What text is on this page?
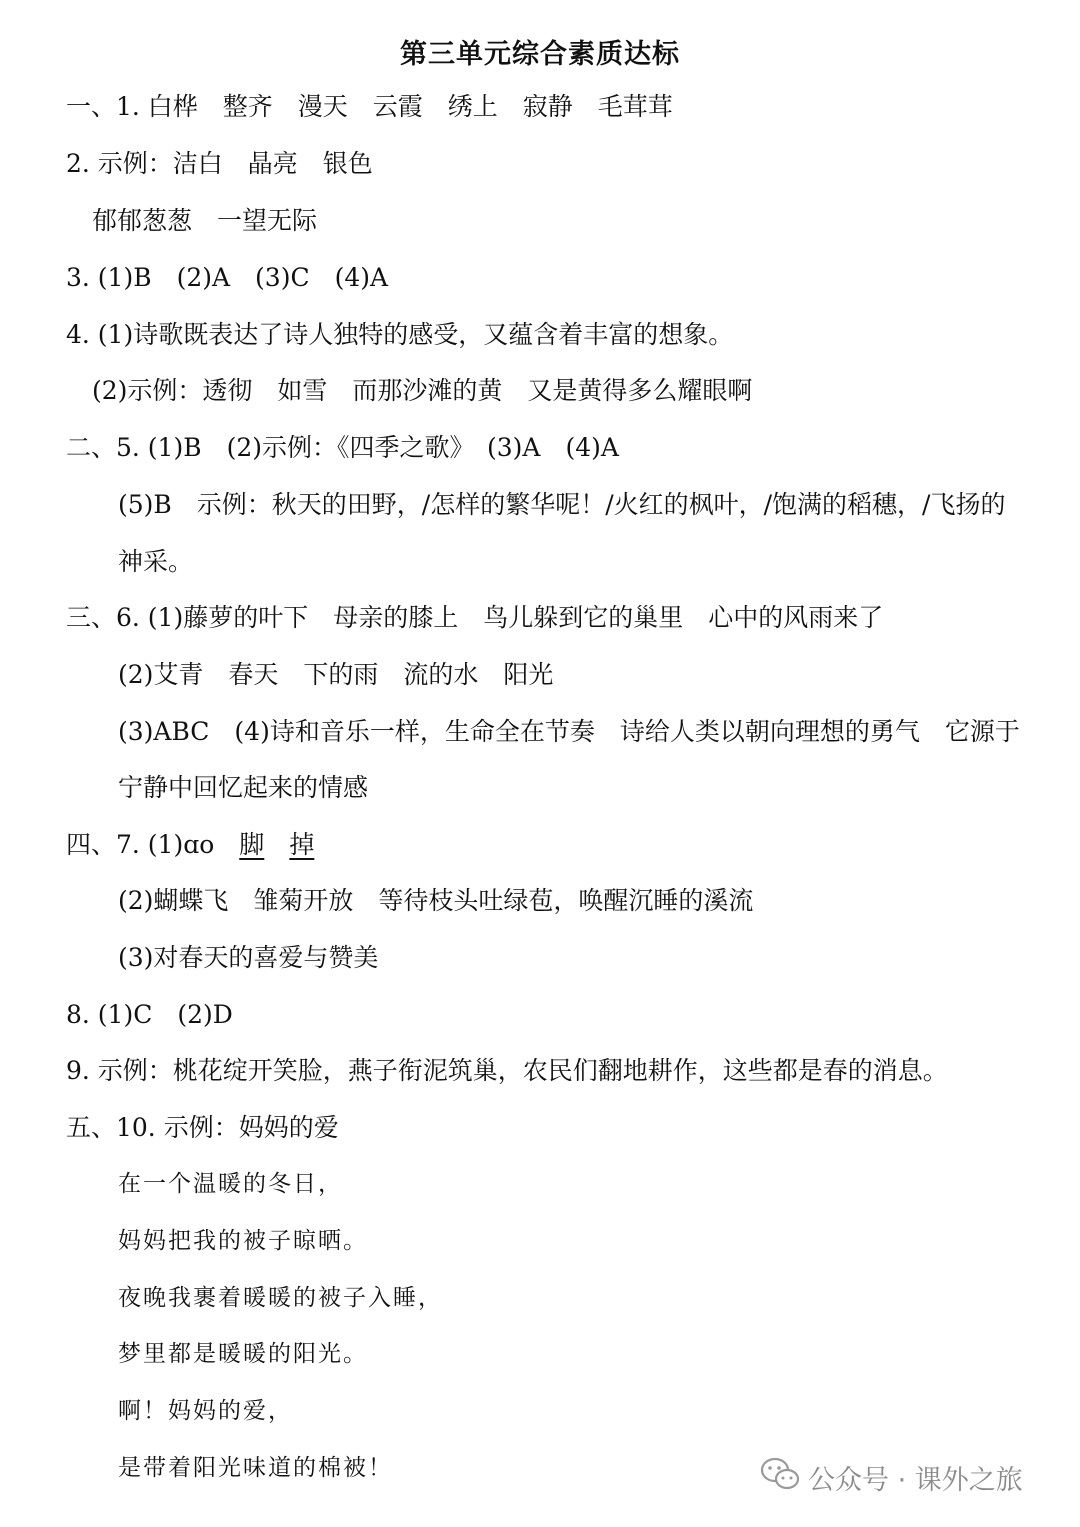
第三单元综合素质达标
一、1. 白桦　整齐　漫天　云霞　绣上　寂静　毛茸茸
2. 示例：洁白　晶亮　银色
郁郁葱葱　一望无际
3. (1)B　(2)A　(3)C　(4)A
4. (1)诗歌既表达了诗人独特的感受，又蕴含着丰富的想象。
(2)示例：透彻　如雪　而那沙滩的黄　又是黄得多么耀眼啊
二、5. (1)B　(2)示例：《四季之歌》　(3)A　(4)A
(5)B　示例：秋天的田野，/怎样的繁华呢！/火红的枫叶，/饱满的稻穗，/飞扬的
神采。
三、6. (1)藤萝的叶下　母亲的膝上　鸟儿躲到它的巢里　心中的风雨来了
(2)艾青　春天　下的雨　流的水　阳光
(3)ABC　(4)诗和音乐一样，生命全在节奏　诗给人类以朝向理想的勇气　它源于
宁静中回忆起来的情感
四、7. (1)ɑo　脚　 掉
(2)蝴蝶飞　雏菊开放　等待枝头吐绿苞，唤醒沉睡的溪流
(3)对春天的喜爱与赞美
8. (1)C　(2)D
9. 示例：桃花绽开笑脸，燕子衔泥筑巢，农民们翻地耕作，这些都是春的消息。
五、10. 示例：妈妈的爱
在一个温暖的冬日，
妈妈把我的被子晾晒。
夜晚我裹着暖暖的被子入睡，
梦里都是暖暖的阳光。
啊！妈妈的爱，
是带着阳光味道的棉被！	公众号 · 课外之旅
